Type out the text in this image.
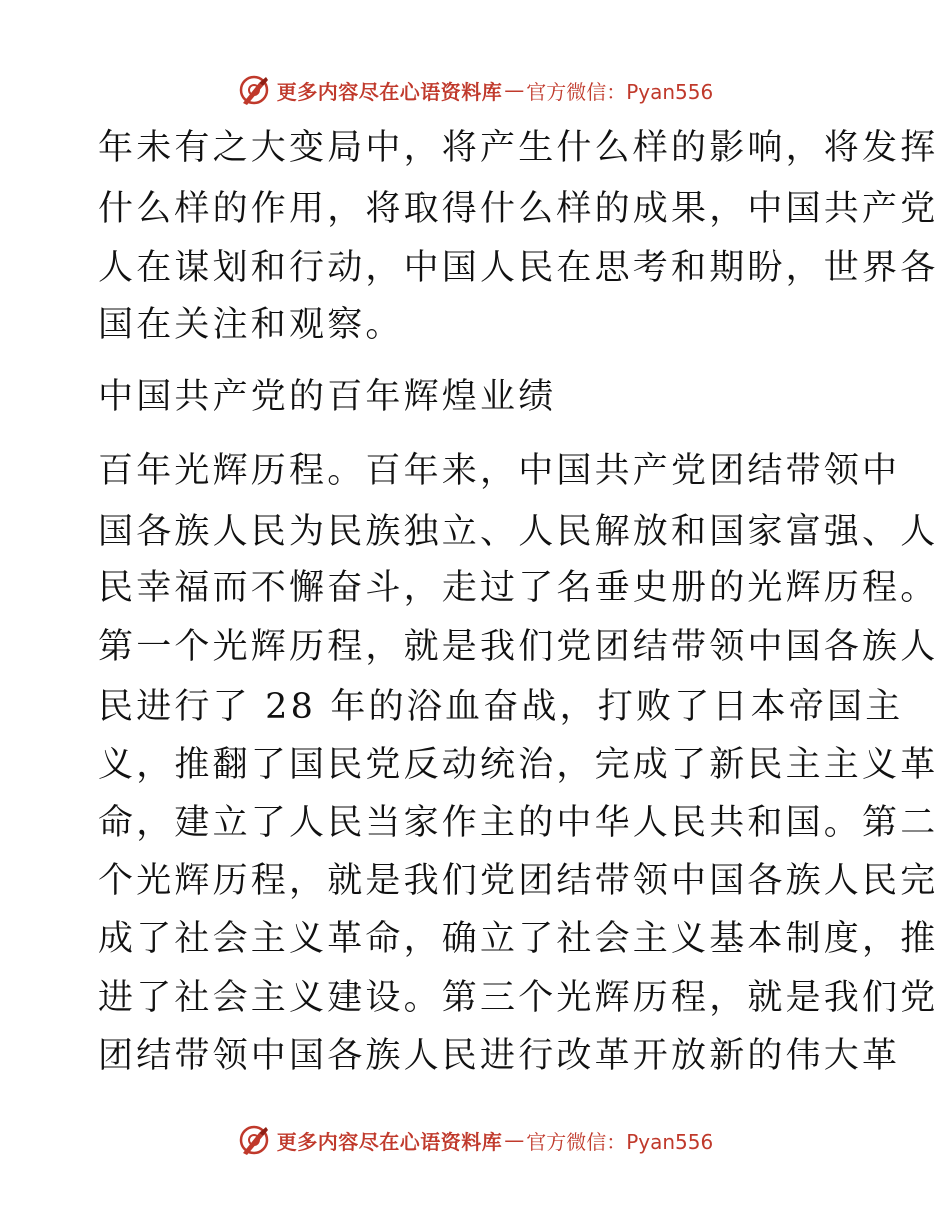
更多内容尽在心语资料库 — 官方微信：Pyan556
年未有之大变局中，将产生什么样的影响，将发挥
什么样的作用，将取得什么样的成果，中国共产党
人在谋划和行动，中国人民在思考和期盼，世界各
国在关注和观察。
中国共产党的百年辉煌业绩
百年光辉历程。百年来，中国共产党团结带领中
国各族人民为民族独立、人民解放和国家富强、人
民幸福而不懈奋斗，走过了名垂史册的光辉历程。
第一个光辉历程，就是我们党团结带领中国各族人
民进行了 28 年的浴血奋战，打败了日本帝国主
义，推翻了国民党反动统治，完成了新民主主义革
命，建立了人民当家作主的中华人民共和国。第二
个光辉历程，就是我们党团结带领中国各族人民完
成了社会主义革命，确立了社会主义基本制度，推
进了社会主义建设。第三个光辉历程，就是我们党
团结带领中国各族人民进行改革开放新的伟大革
更多内容尽在心语资料库 — 官方微信：Pyan556
